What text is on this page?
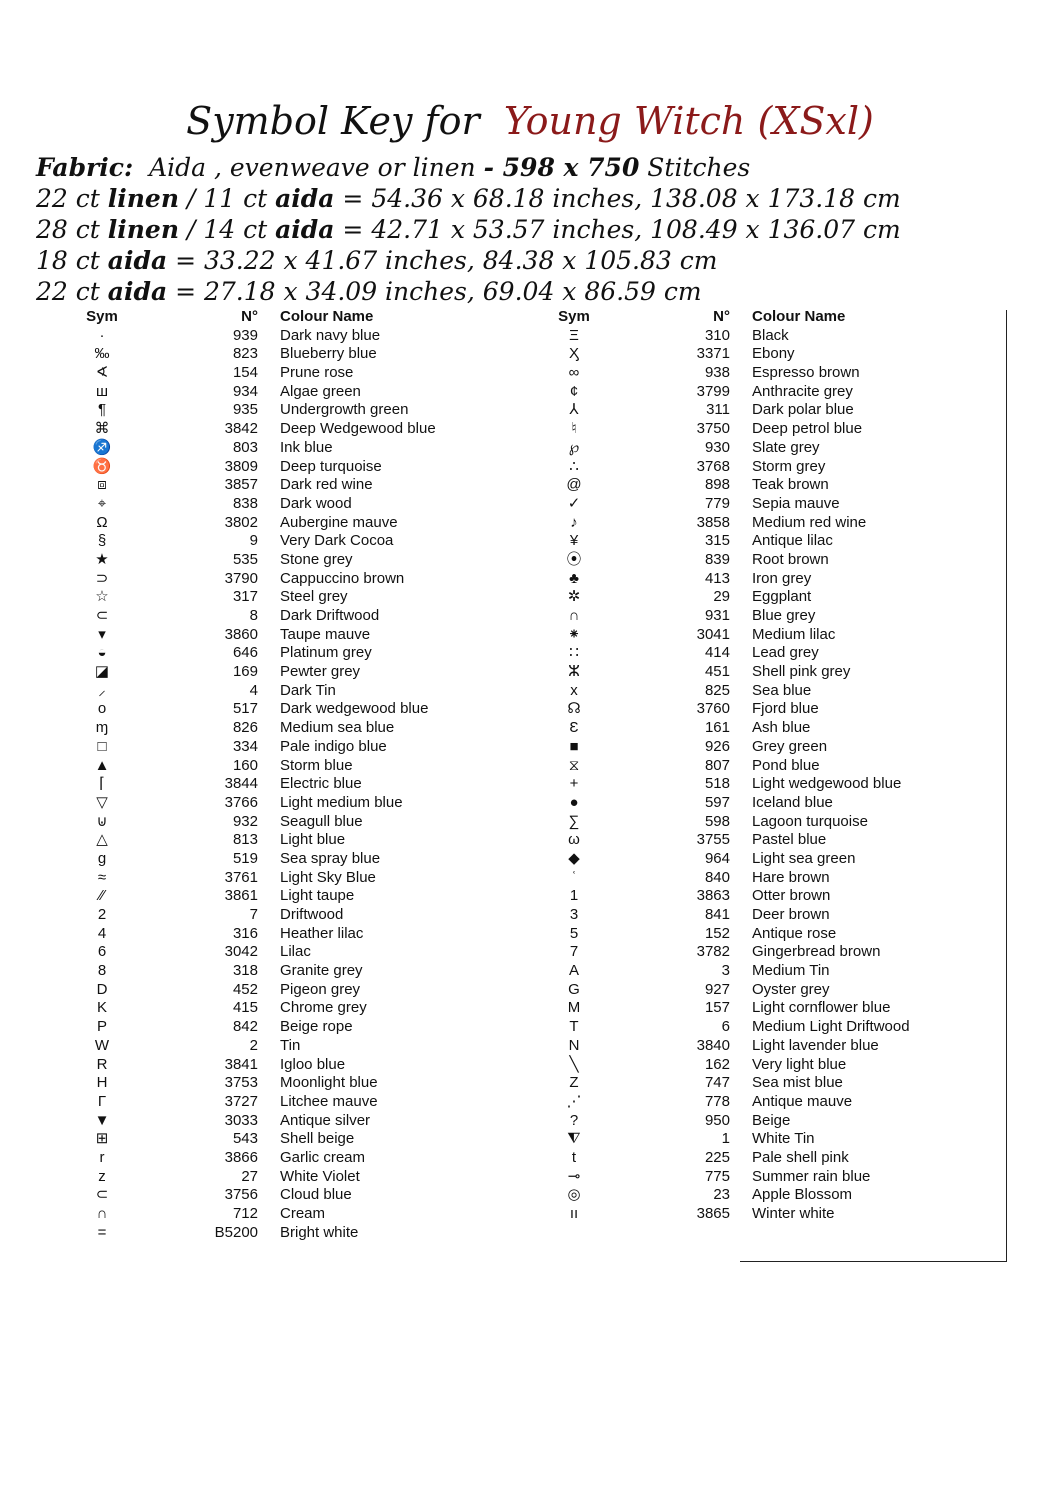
Symbol Key for Young Witch (XSxl)
Fabric: Aida , evenweave or linen - 598 x 750 Stitches
22 ct linen / 11 ct aida = 54.36 x 68.18 inches, 138.08 x 173.18 cm
28 ct linen / 14 ct aida = 42.71 x 53.57 inches, 108.49 x 136.07 cm
18 ct aida = 33.22 x 41.67 inches, 84.38 x 105.83 cm
22 ct aida = 27.18 x 34.09 inches, 69.04 x 86.59 cm
Sym	N° Colour Name
·	939 Dark navy blue
‰	823 Blueberry blue
∢	154 Prune rose
ш	934 Algae green
¶	935 Undergrowth green
⌘	3842 Deep Wedgewood blue
♐	803 Ink blue
♉	3809 Deep turquoise
⧈	3857 Dark red wine
⌖	838 Dark wood
Ω	3802 Aubergine mauve
§	9 Very Dark Cocoa
★	535 Stone grey
⊃	3790 Cappuccino brown
☆	317 Steel grey
⊂	8 Dark Driftwood
▾	3860 Taupe mauve
◒	646 Platinum grey
◪	169 Pewter grey
⸝	4 Dark Tin
o	517 Dark wedgewood blue
ɱ	826 Medium sea blue
□	334 Pale indigo blue
▲	160 Storm blue
⌈	3844 Electric blue
▽	3766 Light medium blue
⊍	932 Seagull blue
△	813 Light blue
g	519 Sea spray blue
≈	3761 Light Sky Blue
⁄⁄	3861 Light taupe
2	7 Driftwood
4	316 Heather lilac
6	3042 Lilac
8	318 Granite grey
D	452 Pigeon grey
K	415 Chrome grey
P	842 Beige rope
W	2 Tin
R	3841 Igloo blue
H	3753 Moonlight blue
Γ	3727 Litchee mauve
▼	3033 Antique silver
⊞	543 Shell beige
r	3866 Garlic cream
z	27 White Violet
⊂	3756 Cloud blue
∩	712 Cream
=	B5200 Bright white
Sym	N° Colour Name
Ξ	310 Black
Ӽ	3371 Ebony
∞	938 Espresso brown
¢	3799 Anthracite grey
⅄	311 Dark polar blue
♮	3750 Deep petrol blue
℘	930 Slate grey
∴	3768 Storm grey
@	898 Teak brown
✓	779 Sepia mauve
♪	3858 Medium red wine
¥	315 Antique lilac
⦿	839 Root brown
♣	413 Iron grey
✲	29 Eggplant
∩	931 Blue grey
⁕	3041 Medium lilac
∷	414 Lead grey
ⵣ	451 Shell pink grey
x	825 Sea blue
☊	3760 Fjord blue
Ɛ	161 Ash blue
■	926 Grey green
⧖	807 Pond blue
+	518 Light wedgewood blue
●	597 Iceland blue
∑	598 Lagoon turquoise
ω	3755 Pastel blue
◆	964 Light sea green
ʿ	840 Hare brown
1	3863 Otter brown
3	841 Deer brown
5	152 Antique rose
7	3782 Gingerbread brown
A	3 Medium Tin
G	927 Oyster grey
M	157 Light cornflower blue
T	6 Medium Light Driftwood
N	3840 Light lavender blue
╲	162 Very light blue
Z	747 Sea mist blue
⋰	778 Antique mauve
?	950 Beige
⧨	1 White Tin
t	225 Pale shell pink
⊸	775 Summer rain blue
◎	23 Apple Blossom
ıı	3865 Winter white
